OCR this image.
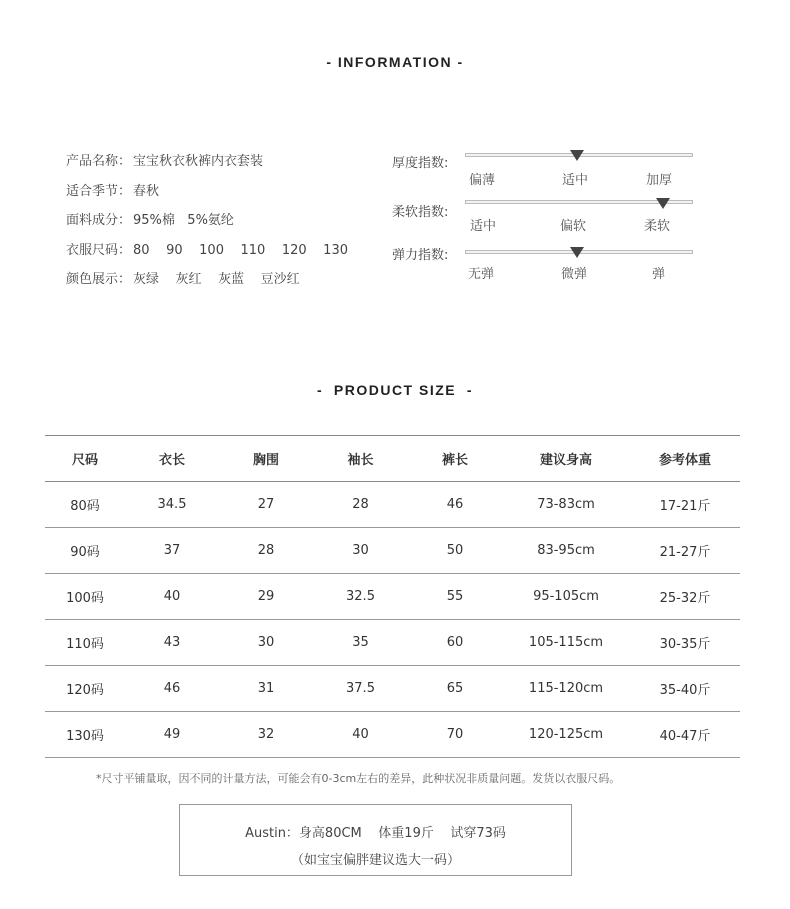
- INFORMATION -
产品名称： 宝宝秋衣秋裤内衣套装
适合季节： 春秋
面料成分： 95%棉   5%氨纶
衣服尺码： 80    90    100    110    120    130
颜色展示： 灰绿    灰红    灰蓝    豆沙红
厚度指数:
偏薄	适中	加厚
柔软指数:
适中	偏软	柔软
弹力指数:
无弹	微弹	弹
-  PRODUCT SIZE  -
尺码	衣长	胸围	袖长	裤长	建议身高	参考体重
80码	34.5	27	28	46	73-83cm	17-21斤
90码	37	28	30	50	83-95cm	21-27斤
100码	40	29	32.5	55	95-105cm	25-32斤
110码	43	30	35	60	105-115cm	30-35斤
120码	46	31	37.5	65	115-120cm	35-40斤
130码	49	32	40	70	120-125cm	40-47斤
*尺寸平铺量取，因不同的计量方法，可能会有0-3cm左右的差异，此种状况非质量问题。发货以衣服尺码。
Austin：身高80CM    体重19斤    试穿73码
（如宝宝偏胖建议选大一码）
